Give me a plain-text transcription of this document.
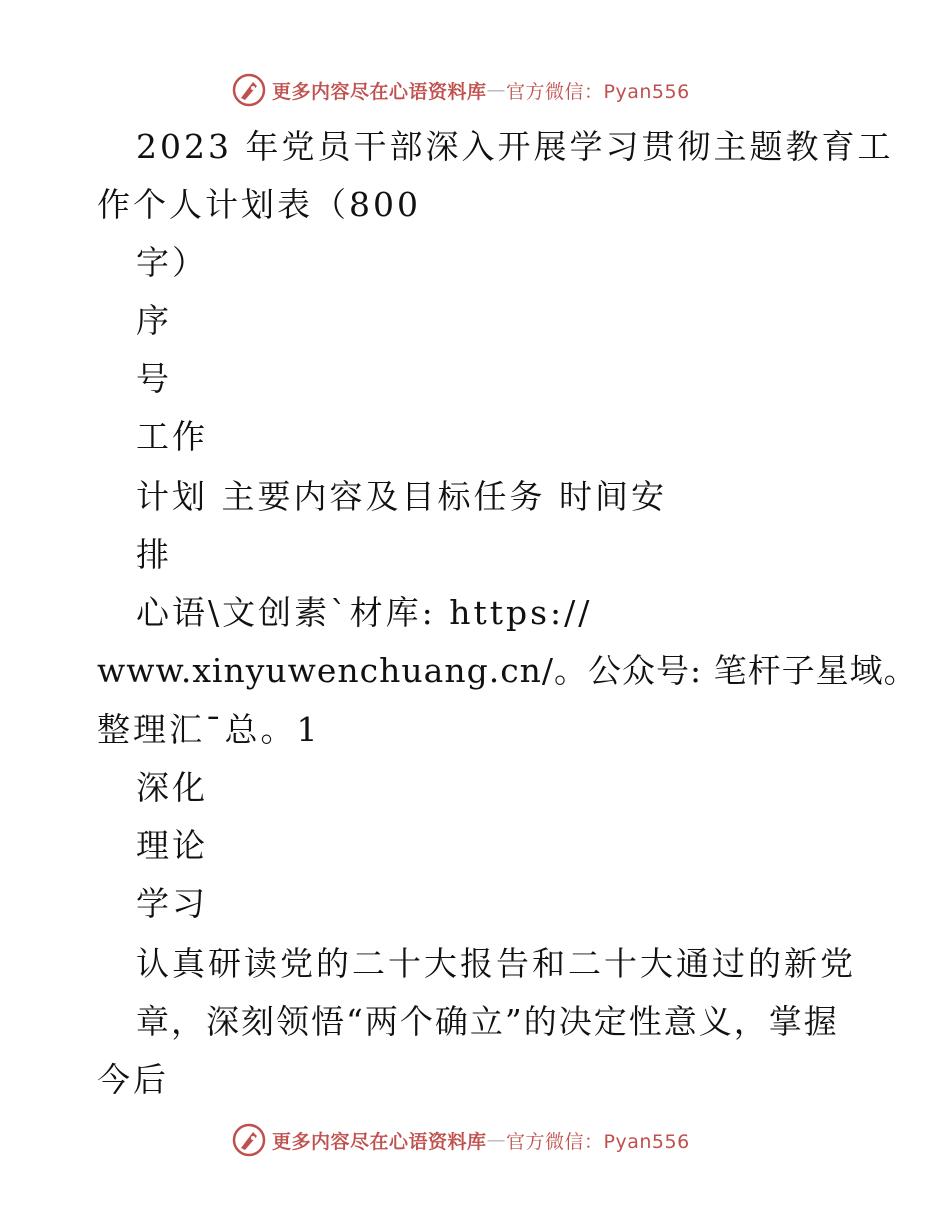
更多内容尽在心语资料库 — 官方微信：Pyan556
2023 年党员干部深入开展学习贯彻主题教育工
作个人计划表（800
字）
序
号
工作
计划 主要内容及目标任务 时间安
排
心语\文创素`材库: https://
www.xinyuwenchuang.cn/。公众号: 笔杆子星域。
整理汇¯总。1
深化
理论
学习
认真研读党的二十大报告和二十大通过的新党
章，深刻领悟“两个确立”的决定性意义，掌握
今后
更多内容尽在心语资料库 — 官方微信：Pyan556
